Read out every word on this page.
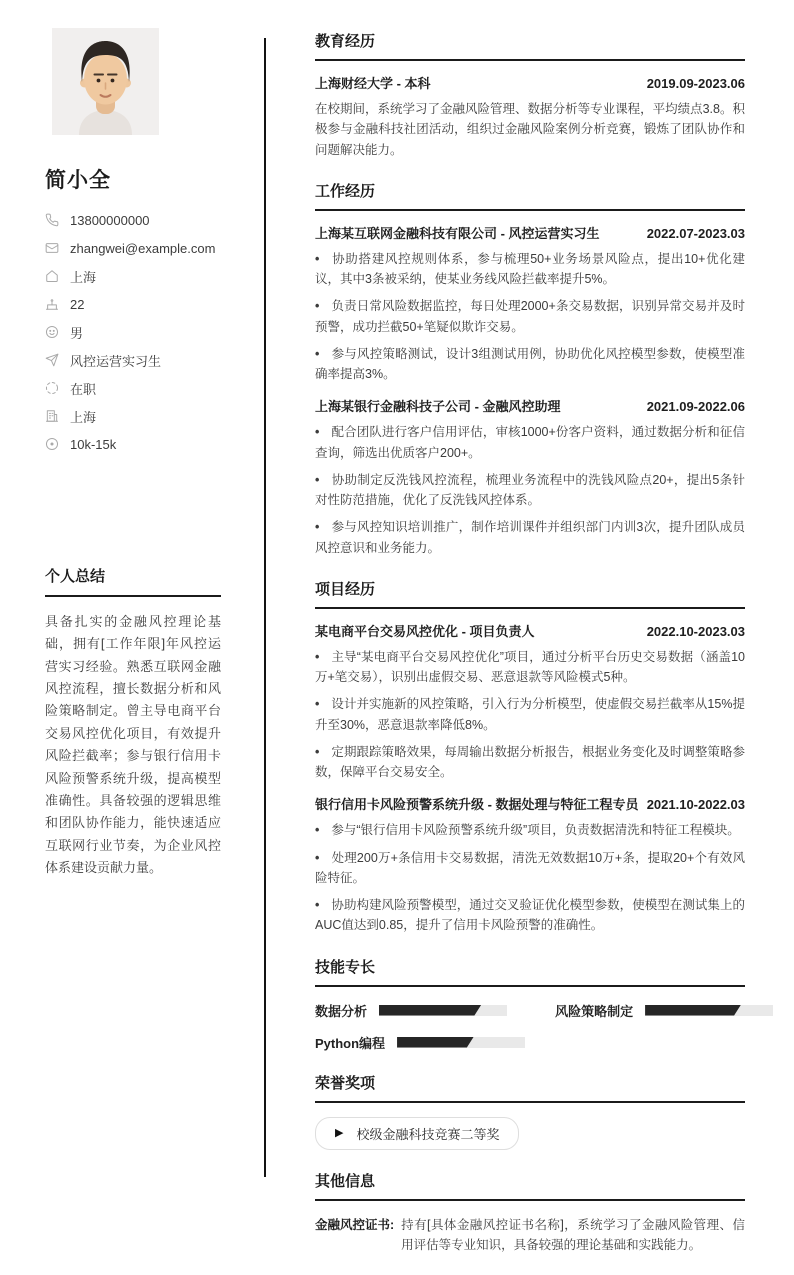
简小全
13800000000
zhangwei@example.com
上海
22
男
风控运营实习生
在职
上海
10k-15k
个人总结

具备扎实的金融风控理论基础，拥有[工作年限]年风控运营实习经验。熟悉互联网金融风控流程，擅长数据分析和风险策略制定。曾主导电商平台交易风控优化项目，有效提升风险拦截率；参与银行信用卡风险预警系统升级，提高模型准确性。具备较强的逻辑思维和团队协作能力，能快速适应互联网行业节奏，为企业风控体系建设贡献力量。

教育经历
上海财经大学 - 本科	2019.09-2023.06

在校期间，系统学习了金融风险管理、数据分析等专业课程，平均绩点3.8。积极参与金融科技社团活动，组织过金融风险案例分析竞赛，锻炼了团队协作和问题解决能力。

工作经历
上海某互联网金融科技有限公司 - 风控运营实习生	2022.07-2023.03

• 协助搭建风控规则体系，参与梳理50+业务场景风险点，提出10+优化建议，其中3条被采纳，使某业务线风险拦截率提升5%。

• 负责日常风险数据监控，每日处理2000+条交易数据，识别异常交易并及时预警，成功拦截50+笔疑似欺诈交易。

• 参与风控策略测试，设计3组测试用例，协助优化风控模型参数，使模型准确率提高3%。

上海某银行金融科技子公司 - 金融风控助理	2021.09-2022.06

• 配合团队进行客户信用评估，审核1000+份客户资料，通过数据分析和征信查询，筛选出优质客户200+。

• 协助制定反洗钱风控流程，梳理业务流程中的洗钱风险点20+，提出5条针对性防范措施，优化了反洗钱风控体系。

• 参与风控知识培训推广，制作培训课件并组织部门内训3次，提升团队成员风控意识和业务能力。

项目经历
某电商平台交易风控优化 - 项目负责人	2022.10-2023.03

• 主导“某电商平台交易风控优化”项目，通过分析平台历史交易数据（涵盖10万+笔交易），识别出虚假交易、恶意退款等风险模式5种。

• 设计并实施新的风控策略，引入行为分析模型，使虚假交易拦截率从15%提升至30%，恶意退款率降低8%。

• 定期跟踪策略效果，每周输出数据分析报告，根据业务变化及时调整策略参数，保障平台交易安全。

银行信用卡风险预警系统升级 - 数据处理与特征工程专员 2021.10-2022.03

• 参与“银行信用卡风险预警系统升级”项目，负责数据清洗和特征工程模块。

• 处理200万+条信用卡交易数据，清洗无效数据10万+条，提取20+个有效风险特征。

• 协助构建风险预警模型，通过交叉验证优化模型参数，使模型在测试集上的AUC值达到0.85，提升了信用卡风险预警的准确性。

技能专长
数据分析	风险策略制定
Python编程
荣誉奖项
▶ 校级金融科技竞赛二等奖
其他信息
金融风控证书: 持有[具体金融风控证书名称]，系统学习了金融风险管理、信用评估等专业知识，具备较强的理论基础和实践能力。
